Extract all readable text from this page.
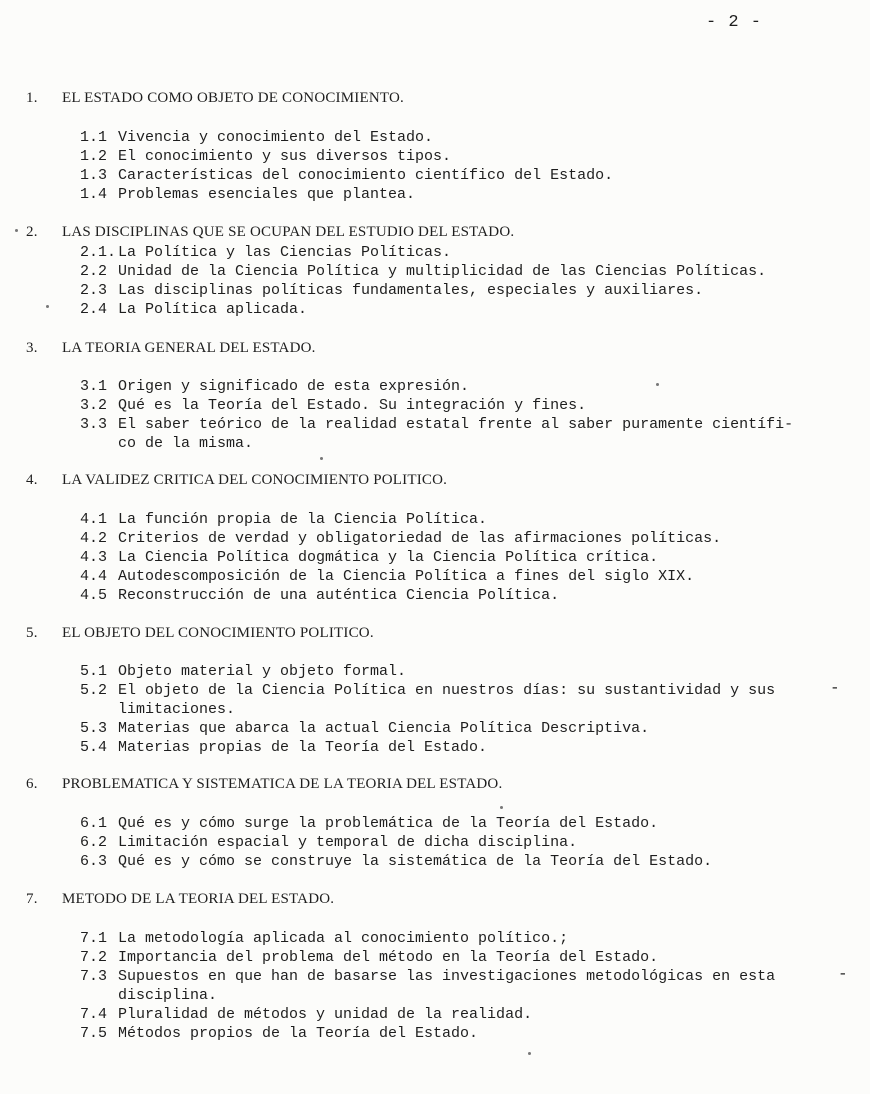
- 2 -
1. EL ESTADO COMO OBJETO DE CONOCIMIENTO.
1.1 Vivencia y conocimiento del Estado.
1.2 El conocimiento y sus diversos tipos.
1.3 Características del conocimiento científico del Estado.
1.4 Problemas esenciales que plantea.
2. LAS DISCIPLINAS QUE SE OCUPAN DEL ESTUDIO DEL ESTADO.
2.1. La Política y las Ciencias Políticas.
2.2 Unidad de la Ciencia Política y multiplicidad de las Ciencias Políticas.
2.3 Las disciplinas políticas fundamentales, especiales y auxiliares.
2.4 La Política aplicada.
3. LA TEORIA GENERAL DEL ESTADO.
3.1 Origen y significado de esta expresión.
3.2 Qué es la Teoría del Estado. Su integración y fines.
3.3 El saber teórico de la realidad estatal frente al saber puramente científi-
co de la misma.
4. LA VALIDEZ CRITICA DEL CONOCIMIENTO POLITICO.
4.1 La función propia de la Ciencia Política.
4.2 Criterios de verdad y obligatoriedad de las afirmaciones políticas.
4.3 La Ciencia Política dogmática y la Ciencia Política crítica.
4.4 Autodescomposición de la Ciencia Política a fines del siglo XIX.
4.5 Reconstrucción de una auténtica Ciencia Política.
5. EL OBJETO DEL CONOCIMIENTO POLITICO.
5.1 Objeto material y objeto formal.
5.2 El objeto de la Ciencia Política en nuestros días: su sustantividad y sus
limitaciones.
5.3 Materias que abarca la actual Ciencia Política Descriptiva.
5.4 Materias propias de la Teoría del Estado.
6. PROBLEMATICA Y SISTEMATICA DE LA TEORIA DEL ESTADO.
6.1 Qué es y cómo surge la problemática de la Teoría del Estado.
6.2 Limitación espacial y temporal de dicha disciplina.
6.3 Qué es y cómo se construye la sistemática de la Teoría del Estado.
7. METODO DE LA TEORIA DEL ESTADO.
7.1 La metodología aplicada al conocimiento político.;
7.2 Importancia del problema del método en la Teoría del Estado.
7.3 Supuestos en que han de basarse las investigaciones metodológicas en esta
disciplina.
7.4 Pluralidad de métodos y unidad de la realidad.
7.5 Métodos propios de la Teoría del Estado.
-
-
